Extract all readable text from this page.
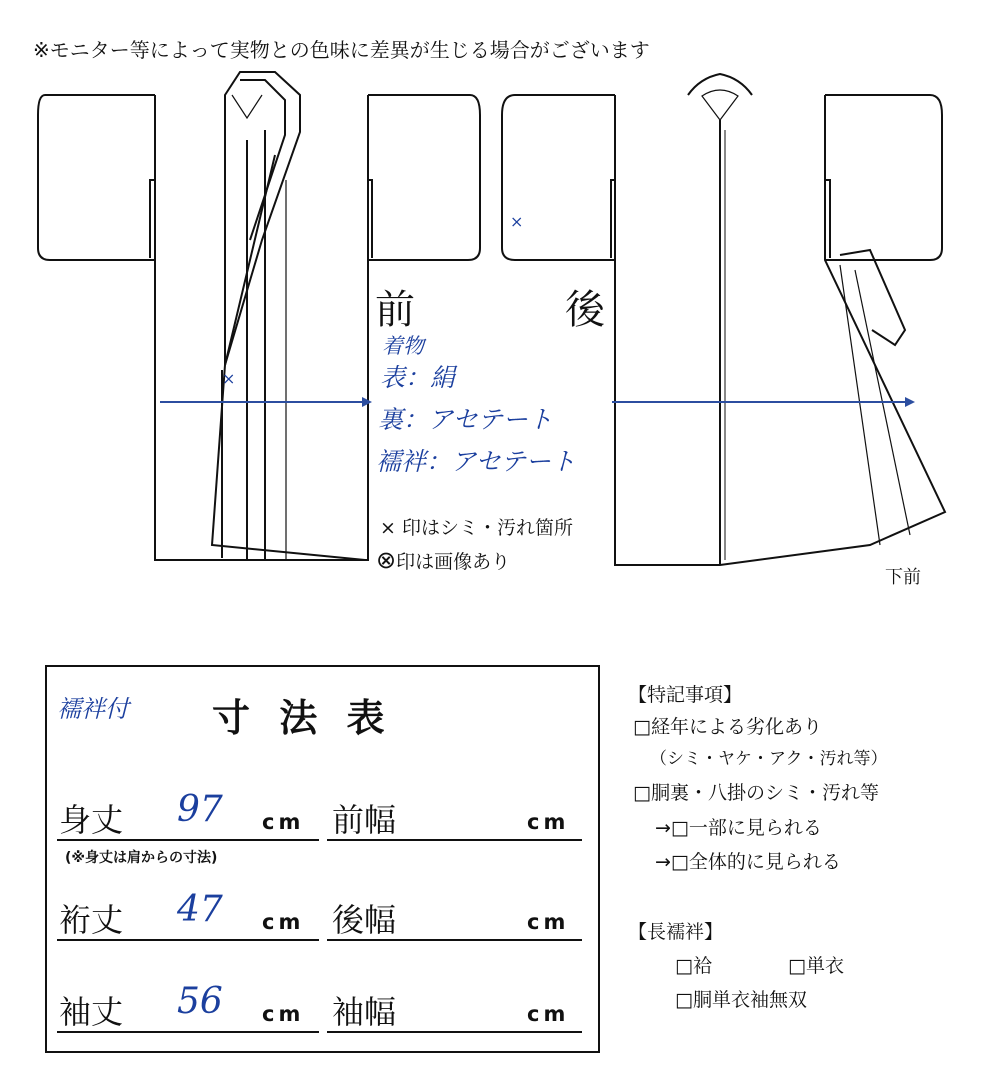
※モニター等によって実物との色味に差異が生じる場合がございます
×
×
前	後
着物
表：絹
裏：アセテート
襦袢：アセテート
× 印はシミ・汚れ箇所
⊗印は画像あり
下前
襦袢付 寸 法 表
身丈 97 cm 前幅	cm
(※身丈は肩からの寸法)
裄丈 47 cm 後幅	cm
袖丈 56 cm 袖幅	cm
【特記事項】
□経年による劣化あり
（シミ・ヤケ・アク・汚れ等）
□胴裏・八掛のシミ・汚れ等
→□一部に見られる
→□全体的に見られる
【長襦袢】
□袷	□単衣
□胴単衣袖無双
